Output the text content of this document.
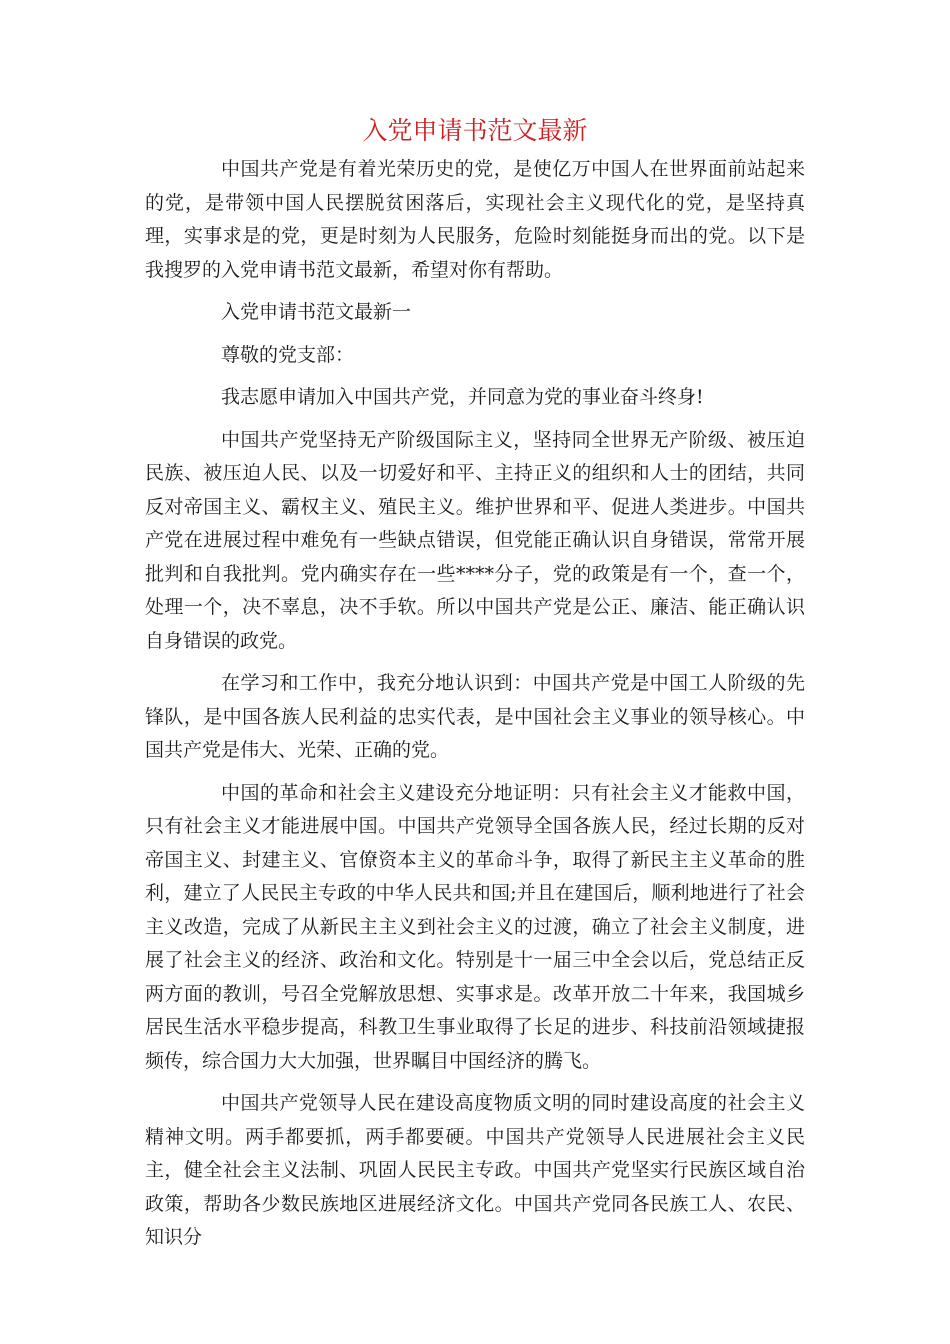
入党申请书范文最新

中国共产党是有着光荣历史的党，是使亿万中国人在世界面前站起来的党，是带领中国人民摆脱贫困落后，实现社会主义现代化的党，是坚持真理，实事求是的党，更是时刻为人民服务，危险时刻能挺身而出的党。以下是我搜罗的入党申请书范文最新，希望对你有帮助。

入党申请书范文最新一

尊敬的党支部：

我志愿申请加入中国共产党，并同意为党的事业奋斗终身!

中国共产党坚持无产阶级国际主义，坚持同全世界无产阶级、被压迫民族、被压迫人民、以及一切爱好和平、主持正义的组织和人士的团结，共同反对帝国主义、霸权主义、殖民主义。维护世界和平、促进人类进步。中国共产党在进展过程中难免有一些缺点错误，但党能正确认识自身错误，常常开展批判和自我批判。党内确实存在一些****分子，党的政策是有一个，查一个，处理一个，决不辜息，决不手软。所以中国共产党是公正、廉洁、能正确认识自身错误的政党。

在学习和工作中，我充分地认识到：中国共产党是中国工人阶级的先锋队，是中国各族人民利益的忠实代表，是中国社会主义事业的领导核心。中国共产党是伟大、光荣、正确的党。

中国的革命和社会主义建设充分地证明：只有社会主义才能救中国，只有社会主义才能进展中国。中国共产党领导全国各族人民，经过长期的反对帝国主义、封建主义、官僚资本主义的革命斗争，取得了新民主主义革命的胜利，建立了人民民主专政的中华人民共和国;并且在建国后，顺利地进行了社会主义改造，完成了从新民主主义到社会主义的过渡，确立了社会主义制度，进展了社会主义的经济、政治和文化。特别是十一届三中全会以后，党总结正反两方面的教训，号召全党解放思想、实事求是。改革开放二十年来，我国城乡居民生活水平稳步提高，科教卫生事业取得了长足的进步、科技前沿领域捷报频传，综合国力大大加强，世界瞩目中国经济的腾飞。

中国共产党领导人民在建设高度物质文明的同时建设高度的社会主义精神文明。两手都要抓，两手都要硬。中国共产党领导人民进展社会主义民主，健全社会主义法制、巩固人民民主专政。中国共产党坚实行民族区域自治政策，帮助各少数民族地区进展经济文化。中国共产党同各民族工人、农民、知识分
